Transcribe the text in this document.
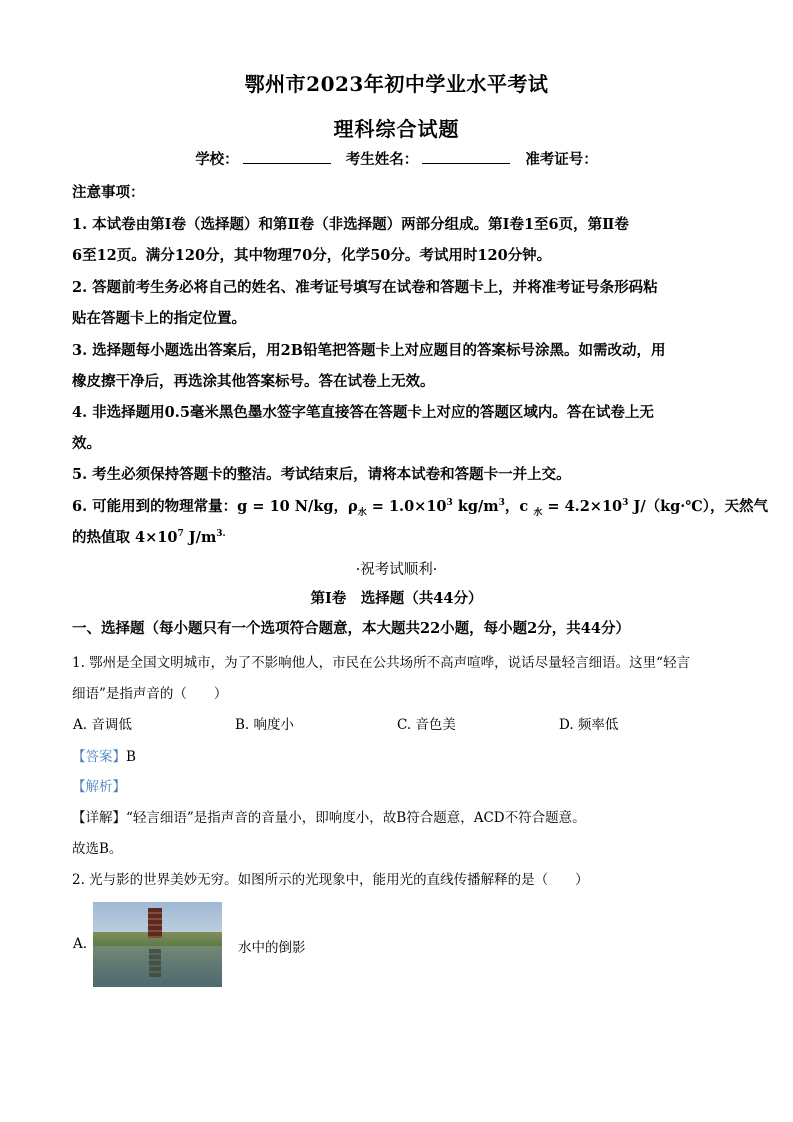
鄂州市2023年初中学业水平考试
理科综合试题
学校：	考生姓名：	准考证号：
注意事项：
1. 本试卷由第Ⅰ卷（选择题）和第Ⅱ卷（非选择题）两部分组成。第Ⅰ卷1至6页，第Ⅱ卷
6至12页。满分120分，其中物理70分，化学50分。考试用时120分钟。
2. 答题前考生务必将自己的姓名、准考证号填写在试卷和答题卡上，并将准考证号条形码粘
贴在答题卡上的指定位置。
3. 选择题每小题选出答案后，用2B铅笔把答题卡上对应题目的答案标号涂黑。如需改动，用
橡皮擦干净后，再选涂其他答案标号。答在试卷上无效。
4. 非选择题用0.5毫米黑色墨水签字笔直接答在答题卡上对应的答题区域内。答在试卷上无
效。
5. 考生必须保持答题卡的整洁。考试结束后，请将本试卷和答题卡一并上交。
6. 可能用到的物理常量：g = 10 N/kg，$\rho_水 = 1.0\times 10^3$ $kg/m^3$，c $_水 = 4.2\times 10^3$ J/（kg·℃），天然气
的热值取 $4\times 10^7$ $J/m^{3.}$
·祝考试顺利·
第Ⅰ卷　选择题（共44分）
一、选择题（每小题只有一个选项符合题意，本大题共22小题，每小题2分，共44分）
1. 鄂州是全国文明城市，为了不影响他人，市民在公共场所不高声喧哗，说话尽量轻言细语。这里“轻言
细语”是指声音的（　　）
A. 音调低	B. 响度小	C. 音色美	D. 频率低
【答案】B
【解析】
【详解】“轻言细语”是指声音的音量小，即响度小，故B符合题意，ACD不符合题意。
故选B。
2. 光与影的世界美妙无穷。如图所示的光现象中，能用光的直线传播解释的是（　　）
A.	水中的倒影
